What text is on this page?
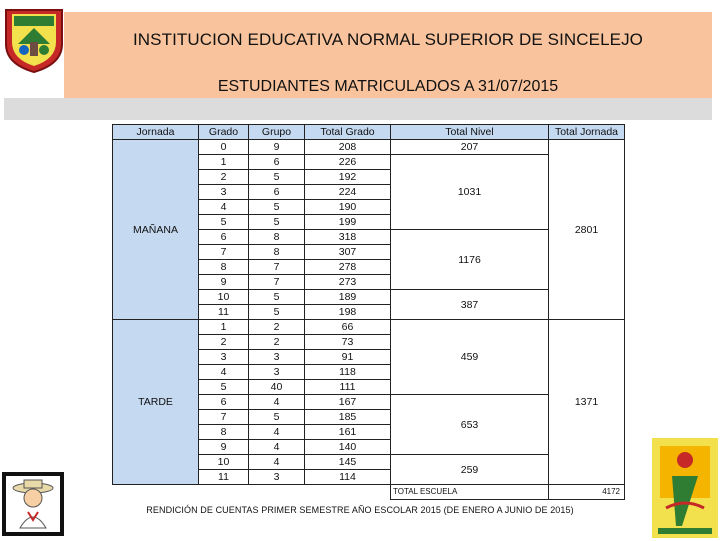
INSTITUCION EDUCATIVA NORMAL SUPERIOR DE SINCELEJO
ESTUDIANTES MATRICULADOS A 31/07/2015
Jornada	Grado	Grupo	Total Grado	Total Nivel	Total Jornada
MAÑANA	0	9	208	207	2801
	1	6	226	1031	
	2	5	192		
	3	6	224		
	4	5	190		
	5	5	199		
	6	8	318	1176	
	7	8	307		
	8	7	278		
	9	7	273		
	10	5	189	387	
	11	5	198		
TARDE	1	2	66	459	1371
	2	2	73		
	3	3	91		
	4	3	118		
	5	40	111		
	6	4	167	653	
	7	5	185		
	8	4	161		
	9	4	140		
	10	4	145	259	
	11	3	114		
				TOTAL ESCUELA	4172
RENDICIÓN DE CUENTAS PRIMER SEMESTRE AÑO ESCOLAR 2015 (DE ENERO A JUNIO DE 2015)
